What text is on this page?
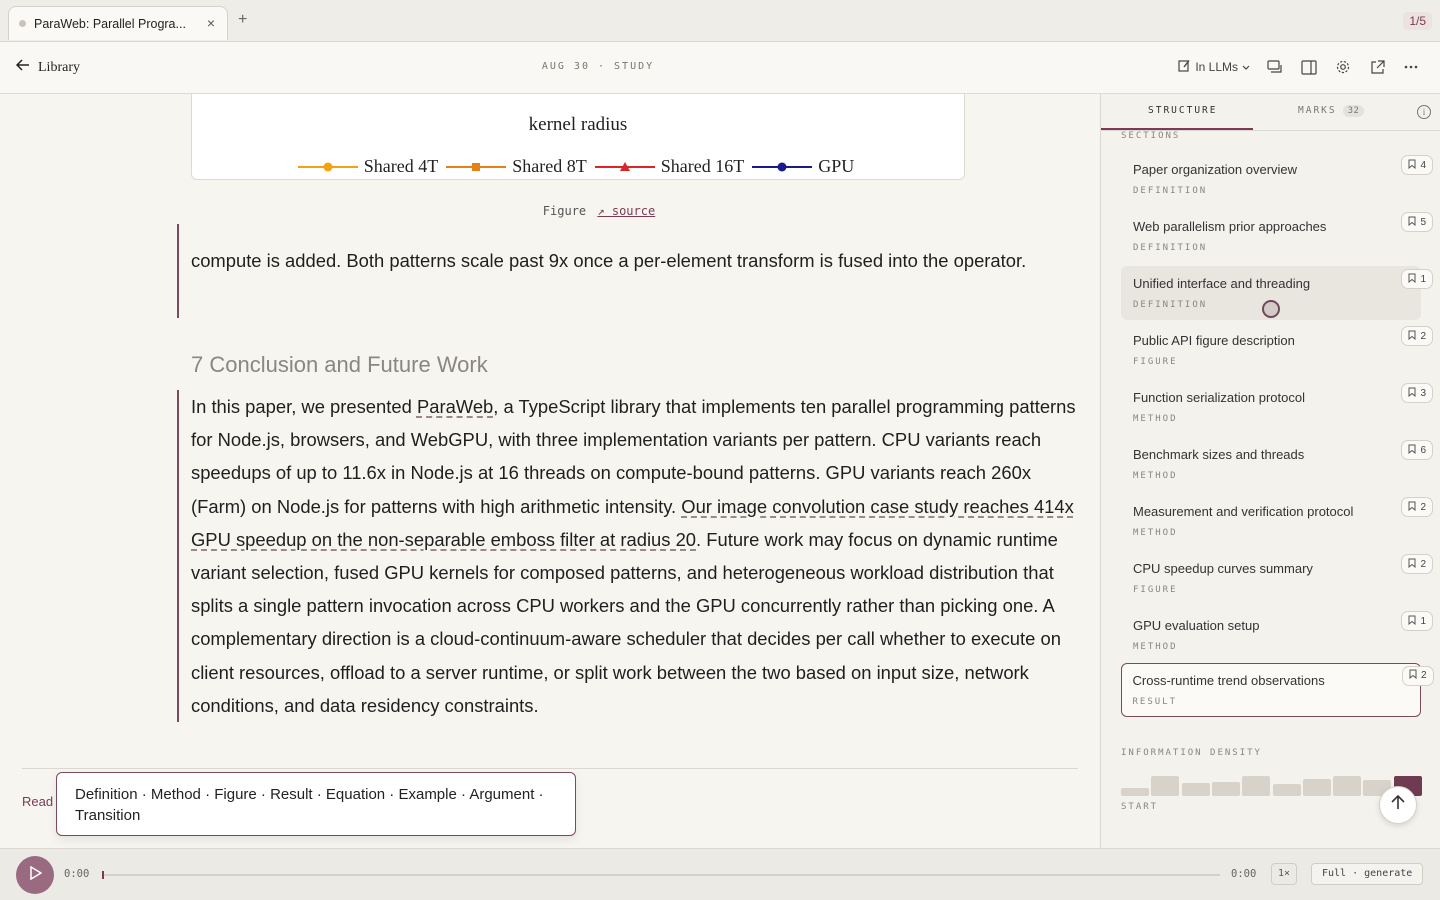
ParaWeb: Parallel Progra...	× +	1/5
Library	AUG 30 · STUDY	In LLMs
kernel radius
Shared 4T	Shared 8T	Shared 16T	GPU
Figure ↗ source
compute is added. Both patterns scale past 9x once a per-element transform is fused into the operator.
7 Conclusion and Future Work
In this paper, we presented ParaWeb, a TypeScript library that implements ten parallel programming patterns for Node.js, browsers, and WebGPU, with three implementation variants per pattern. CPU variants reach speedups of up to 11.6x in Node.js at 16 threads on compute-bound patterns. GPU variants reach 260x (Farm) on Node.js for patterns with high arithmetic intensity. Our image convolution case study reaches 414x GPU speedup on the non-separable emboss filter at radius 20. Future work may focus on dynamic runtime variant selection, fused GPU kernels for composed patterns, and heterogeneous workload distribution that splits a single pattern invocation across CPU workers and the GPU concurrently rather than picking one. A complementary direction is a cloud-continuum-aware scheduler that decides per call whether to execute on client resources, offload to a server runtime, or split work between the two based on input size, network conditions, and data residency constraints.
Read	Definition · Method · Figure · Result · Equation · Example · Argument · Transition
STRUCTURE	MARKS 32	i
SECTIONS
Paper organization overview
DEFINITION
4
Web parallelism prior approaches
DEFINITION
5
Unified interface and threading
DEFINITION
1
Public API figure description
FIGURE
2
Function serialization protocol
METHOD
3
Benchmark sizes and threads
METHOD
6
Measurement and verification protocol
METHOD
2
CPU speedup curves summary
FIGURE
2
GPU evaluation setup
METHOD
1
Cross-runtime trend observations
RESULT
2
INFORMATION DENSITY
START
0:00	0:00	1×	Full · generate
